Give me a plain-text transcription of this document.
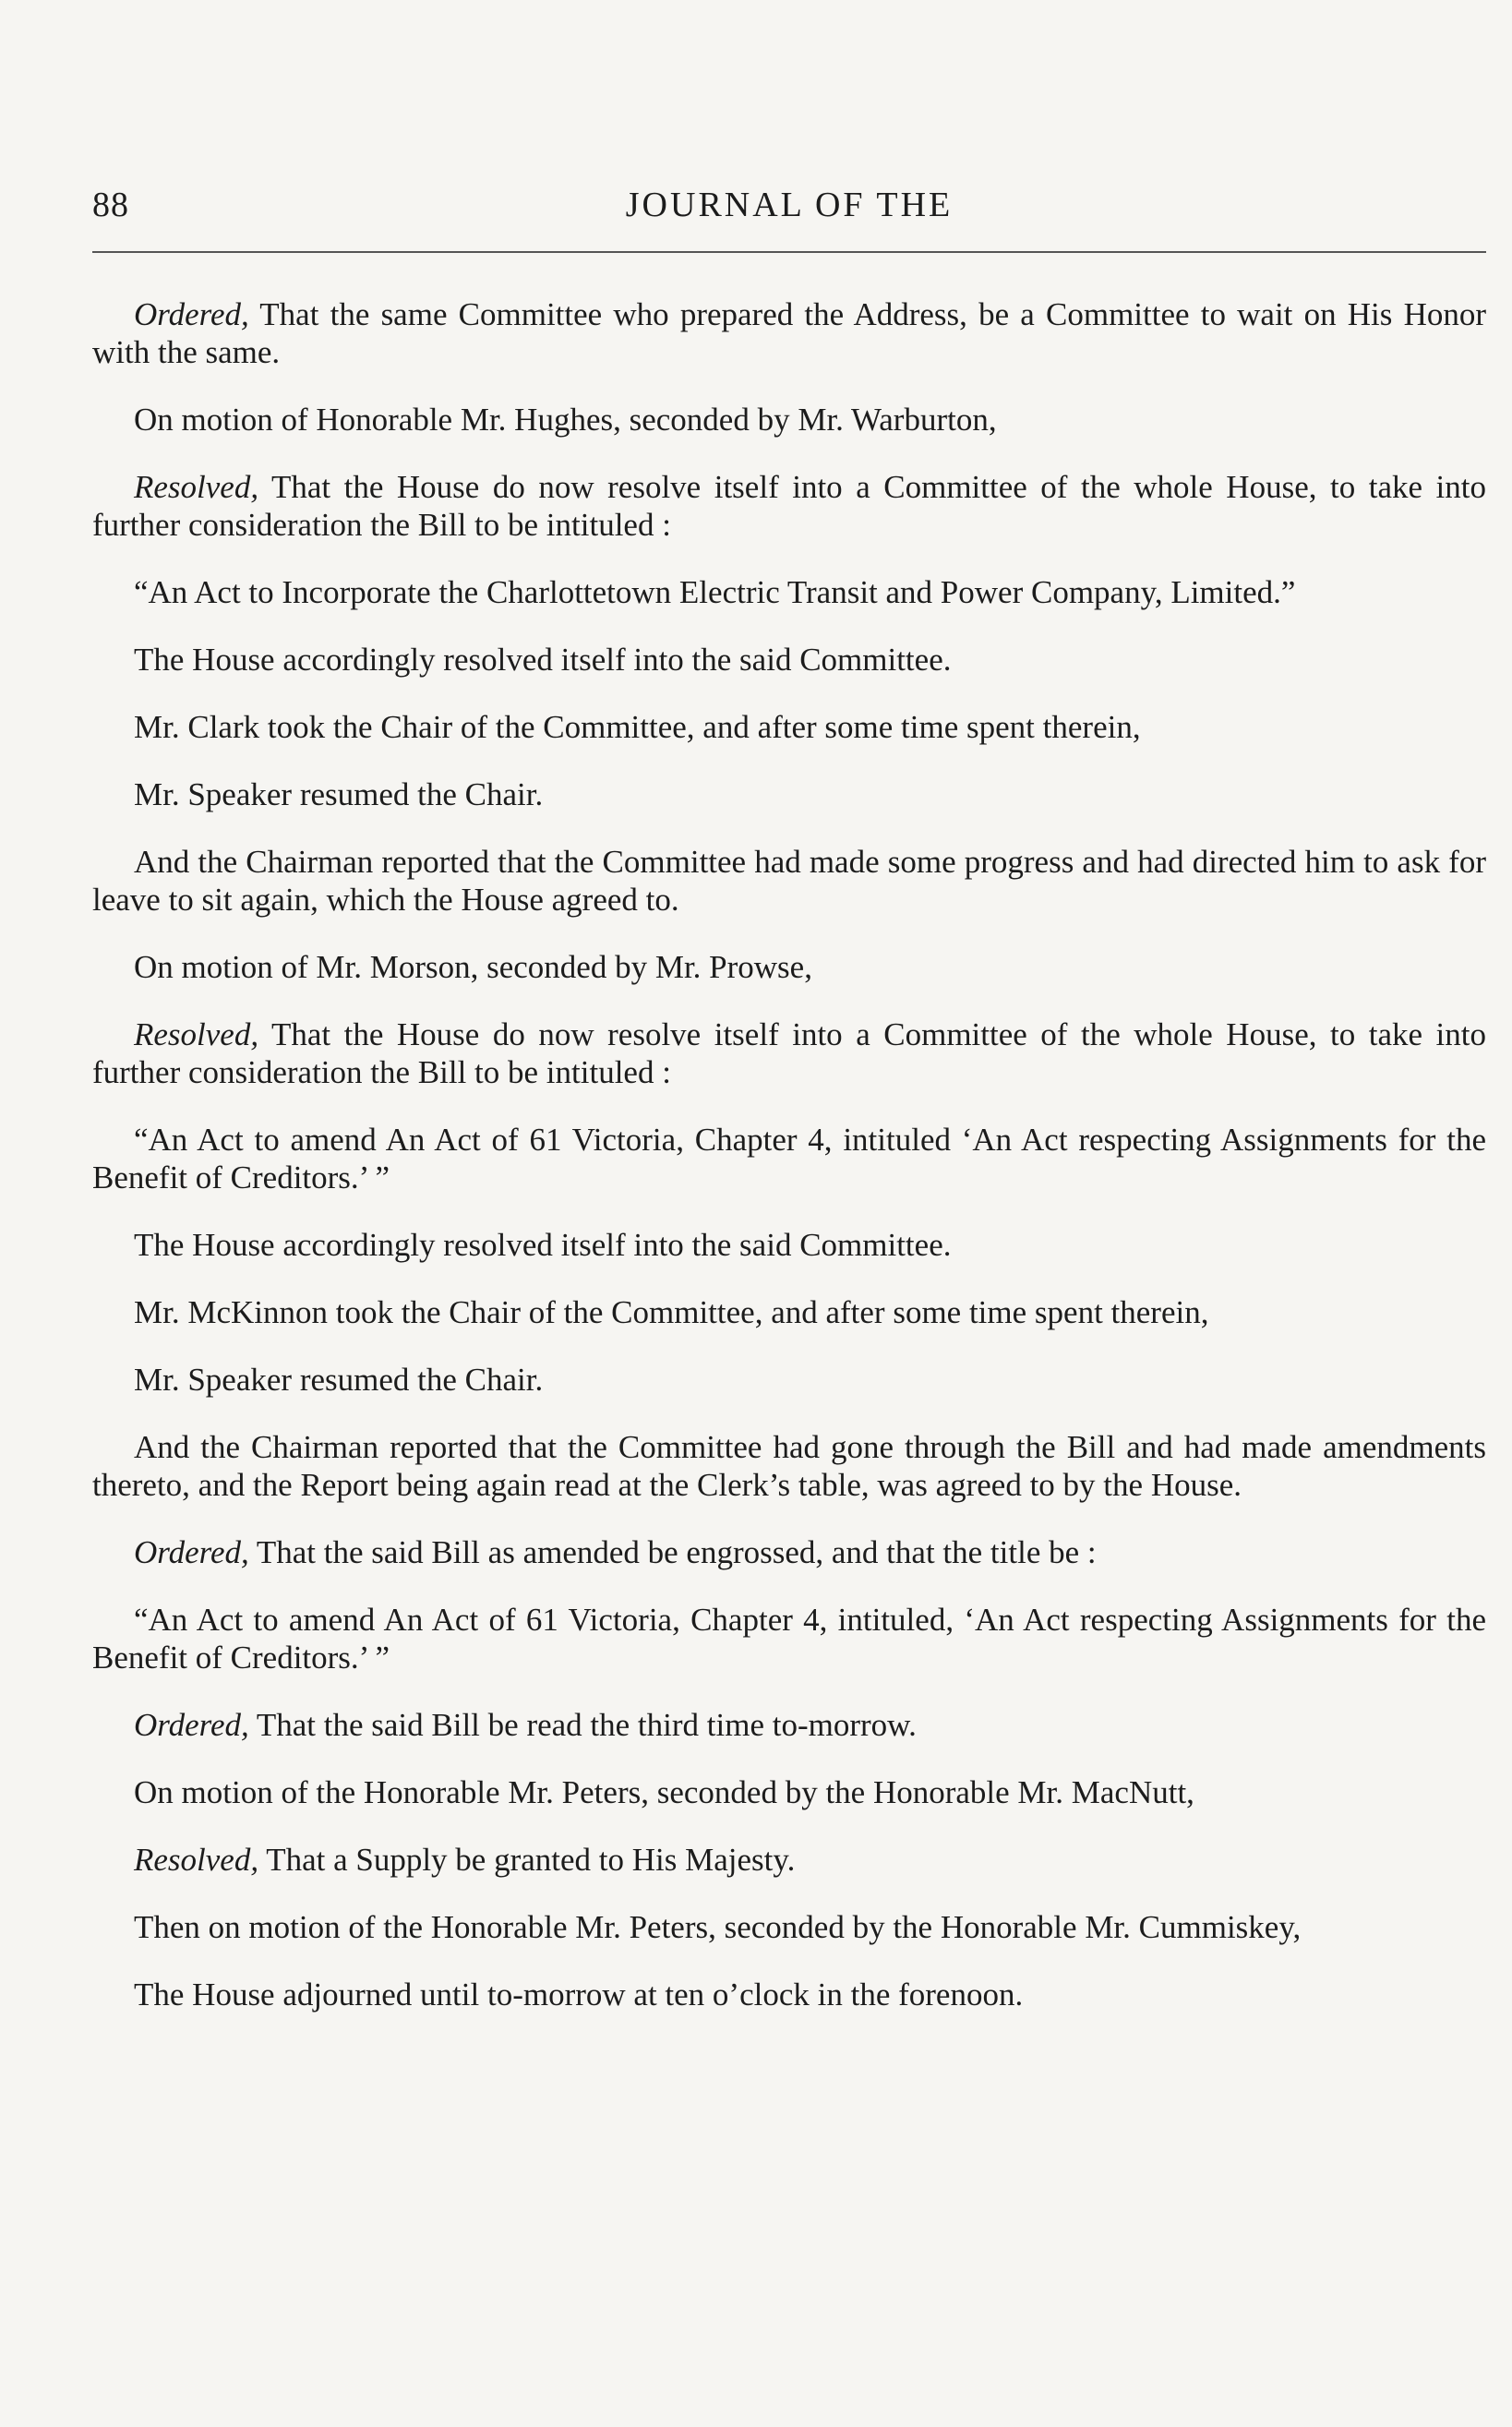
88	JOURNAL OF THE

Ordered, That the same Committee who prepared the Address, be a Committee to wait on His Honor with the same.

On motion of Honorable Mr. Hughes, seconded by Mr. Warburton,

Resolved, That the House do now resolve itself into a Committee of the whole House, to take into further consideration the Bill to be intituled :

“An Act to Incorporate the Charlottetown Electric Transit and Power Company, Limited.”

The House accordingly resolved itself into the said Committee.

Mr. Clark took the Chair of the Committee, and after some time spent therein,

Mr. Speaker resumed the Chair.

And the Chairman reported that the Committee had made some progress and had directed him to ask for leave to sit again, which the House agreed to.

On motion of Mr. Morson, seconded by Mr. Prowse,

Resolved, That the House do now resolve itself into a Committee of the whole House, to take into further consideration the Bill to be intituled :

“An Act to amend An Act of 61 Victoria, Chapter 4, intituled ‘An Act respecting Assignments for the Benefit of Creditors.’ ”

The House accordingly resolved itself into the said Committee.

Mr. McKinnon took the Chair of the Committee, and after some time spent therein,

Mr. Speaker resumed the Chair.

And the Chairman reported that the Committee had gone through the Bill and had made amendments thereto, and the Report being again read at the Clerk’s table, was agreed to by the House.

Ordered, That the said Bill as amended be engrossed, and that the title be :

“An Act to amend An Act of 61 Victoria, Chapter 4, intituled, ‘An Act respecting Assignments for the Benefit of Creditors.’ ”

Ordered, That the said Bill be read the third time to-morrow.

On motion of the Honorable Mr. Peters, seconded by the Honorable Mr. MacNutt,

Resolved, That a Supply be granted to His Majesty.

Then on motion of the Honorable Mr. Peters, seconded by the Honorable Mr. Cummiskey,

The House adjourned until to-morrow at ten o’clock in the forenoon.
